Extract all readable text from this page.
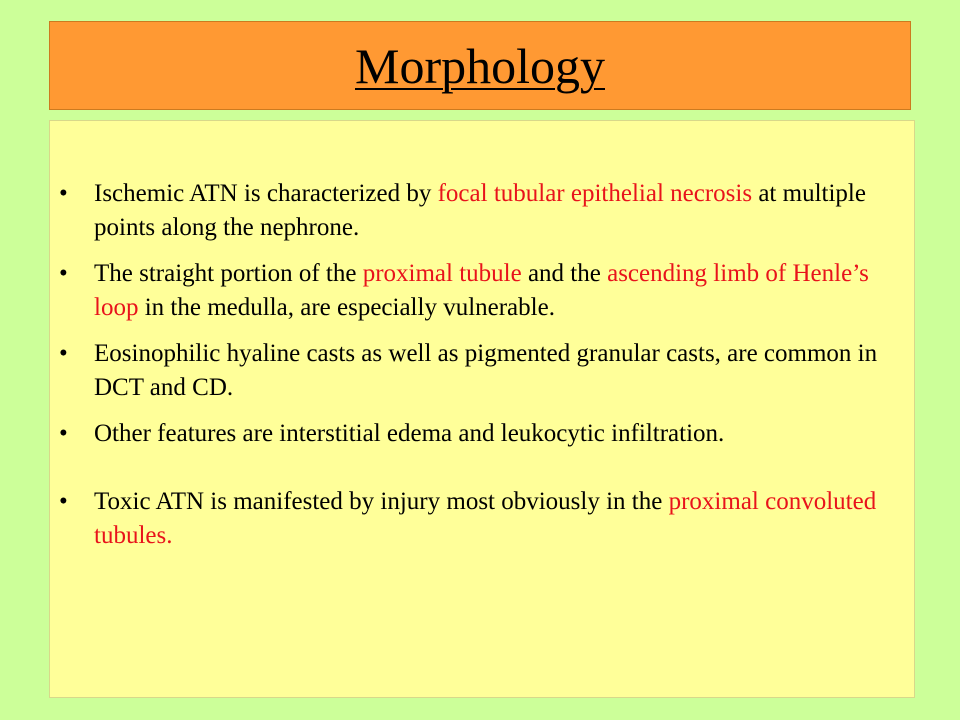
Morphology
• Ischemic ATN is characterized by focal tubular epithelial necrosis at multiple points along the nephrone.
• The straight portion of the proximal tubule and the ascending limb of Henle’s loop in the medulla, are especially vulnerable.
• Eosinophilic hyaline casts as well as pigmented granular casts, are common in DCT and CD.
• Other features are interstitial edema and leukocytic infiltration.
• Toxic ATN is manifested by injury most obviously in the proximal convoluted tubules.
